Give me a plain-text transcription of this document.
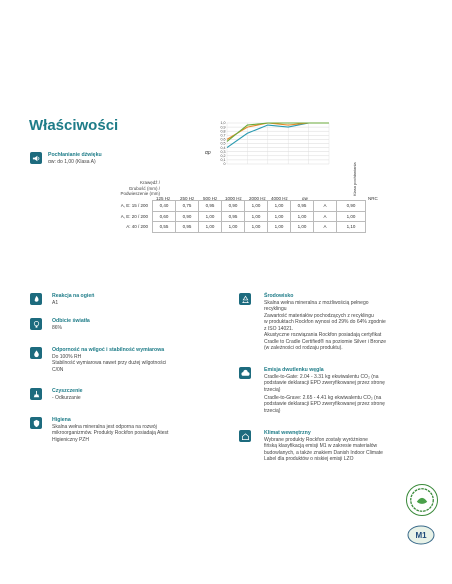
Właściwości
Pochłanianie dźwięku
αw: do 1,00 (Klasa A)
αp
1,0
0,9
0,8
0,7
0,6
0,5
0,4
0,3
0,2
0,1
0
Krawędź /
Grubość (mm) /
Podwieszenie (mm)
125 Hz 250 Hz 500 Hz 1000 Hz 2000 Hz 4000 Hz	αw
Klasa pochłaniania
NRC
A, E: 15 / 200	0,40	0,75	0,95	0,90	1,00	1,00	0,95	A	0,90
A, E: 20 / 200	0,60	0,90	1,00	0,95	1,00	1,00	1,00	A	1,00
A: 40 / 200	0,55	0,95	1,00	1,00	1,00	1,00	1,00	A	1,10
Reakcja na ogień
A1
Odbicie światła
86%
Odporność na wilgoć i stabilność wymiarowa
Do 100% RH
Stabilność wymiarowa nawet przy dużej wilgotności
C/0N
Czyszczenie
- Odkurzanie
Higiena
Skalna wełna mineralna jest odporna na rozwój
mikroorganizmów. Produkty Rockfon posiadają Atest
Higieniczny PZH
Środowisko
Skalna wełna mineralna z możliwością pełnego
recyklingu
Zawartość materiałów pochodzących z recyklingu
w produktach Rockfon wynosi od 29% do 64% zgodnie
z ISO 14021.
Akustyczne rozwiązania Rockfon posiadają certyfikat
Cradle to Cradle Certified® na poziomie Silver i Bronze
(w zależności od rodzaju produktu).
Emisja dwutlenku węgla
Cradle-to-Gate: 2.04 - 3.31 kg ekwiwalentu CO₂ (na
podstawie deklaracji EPD zweryfikowanej przez stronę
trzecią)
Cradle-to-Grave: 2.65 - 4.41 kg ekwiwalentu CO₂ (na
podstawie deklaracji EPD zweryfikowanej przez stronę
trzecią)
Klimat wewnętrzny
Wybrane produkty Rockfon zostały wyróżnione
fińską klasyfikacją emisji M1 w zakresie materiałów
budowlanych, a także znakiem Danish Indoor Climate
Label dla produktów o niskiej emisji LZO
M1
